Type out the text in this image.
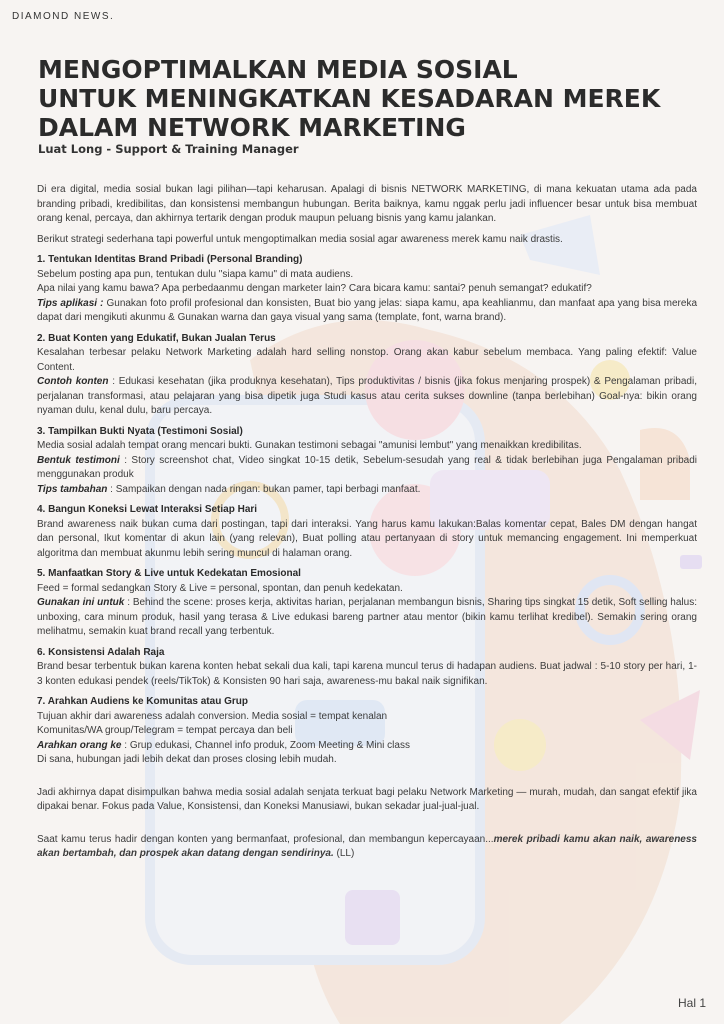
DIAMOND NEWS.
MENGOPTIMALKAN MEDIA SOSIAL
UNTUK MENINGKATKAN KESADARAN MEREK
DALAM NETWORK MARKETING
Luat Long - Support & Training Manager

Di era digital, media sosial bukan lagi pilihan—tapi keharusan. Apalagi di bisnis NETWORK MARKETING, di mana kekuatan utama ada pada branding pribadi, kredibilitas, dan konsistensi membangun hubungan. Berita baiknya, kamu nggak perlu jadi influencer besar untuk bisa membuat orang kenal, percaya, dan akhirnya tertarik dengan produk maupun peluang bisnis yang kamu jalankan.

Berikut strategi sederhana tapi powerful untuk mengoptimalkan media sosial agar awareness merek kamu naik drastis.

1. Tentukan Identitas Brand Pribadi (Personal Branding)
Sebelum posting apa pun, tentukan dulu "siapa kamu" di mata audiens.
Apa nilai yang kamu bawa? Apa perbedaanmu dengan marketer lain? Cara bicara kamu: santai? penuh semangat? edukatif?
Tips aplikasi : Gunakan foto profil profesional dan konsisten, Buat bio yang jelas: siapa kamu, apa keahlianmu, dan manfaat apa yang bisa mereka dapat dari mengikuti akunmu & Gunakan warna dan gaya visual yang sama (template, font, warna brand).
2. Buat Konten yang Edukatif, Bukan Jualan Terus
Kesalahan terbesar pelaku Network Marketing adalah hard selling nonstop. Orang akan kabur sebelum membaca. Yang paling efektif: Value Content.
Contoh konten : Edukasi kesehatan (jika produknya kesehatan), Tips produktivitas / bisnis (jika fokus menjaring prospek) & Pengalaman pribadi, perjalanan transformasi, atau pelajaran yang bisa dipetik juga Studi kasus atau cerita sukses downline (tanpa berlebihan) Goal-nya: bikin orang nyaman dulu, kenal dulu, baru percaya.
3. Tampilkan Bukti Nyata (Testimoni Sosial)
Media sosial adalah tempat orang mencari bukti. Gunakan testimoni sebagai "amunisi lembut" yang menaikkan kredibilitas.
Bentuk testimoni : Story screenshot chat, Video singkat 10-15 detik, Sebelum-sesudah yang real & tidak berlebihan juga Pengalaman pribadi menggunakan produk
Tips tambahan : Sampaikan dengan nada ringan: bukan pamer, tapi berbagi manfaat.
4. Bangun Koneksi Lewat Interaksi Setiap Hari
Brand awareness naik bukan cuma dari postingan, tapi dari interaksi. Yang harus kamu lakukan:Balas komentar cepat, Bales DM dengan hangat dan personal, Ikut komentar di akun lain (yang relevan), Buat polling atau pertanyaan di story untuk memancing engagement. Ini memperkuat algoritma dan membuat akunmu lebih sering muncul di halaman orang.
5. Manfaatkan Story & Live untuk Kedekatan Emosional
Feed = formal sedangkan Story & Live = personal, spontan, dan penuh kedekatan.
Gunakan ini untuk : Behind the scene: proses kerja, aktivitas harian, perjalanan membangun bisnis, Sharing tips singkat 15 detik, Soft selling halus: unboxing, cara minum produk, hasil yang terasa & Live edukasi bareng partner atau mentor (bikin kamu terlihat kredibel). Semakin sering orang melihatmu, semakin kuat brand recall yang terbentuk.
6. Konsistensi Adalah Raja
Brand besar terbentuk bukan karena konten hebat sekali dua kali, tapi karena muncul terus di hadapan audiens. Buat jadwal : 5-10 story per hari, 1-3 konten edukasi pendek (reels/TikTok) & Konsisten 90 hari saja, awareness-mu bakal naik signifikan.
7. Arahkan Audiens ke Komunitas atau Grup
Tujuan akhir dari awareness adalah conversion. Media sosial = tempat kenalan
Komunitas/WA group/Telegram = tempat percaya dan beli
Arahkan orang ke : Grup edukasi, Channel info produk, Zoom Meeting & Mini class
Di sana, hubungan jadi lebih dekat dan proses closing lebih mudah.

Jadi akhirnya dapat disimpulkan bahwa media sosial adalah senjata terkuat bagi pelaku Network Marketing — murah, mudah, dan sangat efektif jika dipakai benar. Fokus pada Value, Konsistensi, dan Koneksi Manusiawi, bukan sekadar jual-jual-jual.

Saat kamu terus hadir dengan konten yang bermanfaat, profesional, dan membangun kepercayaan...merek pribadi kamu akan naik, awareness akan bertambah, dan prospek akan datang dengan sendirinya. (LL)

Hal 1
